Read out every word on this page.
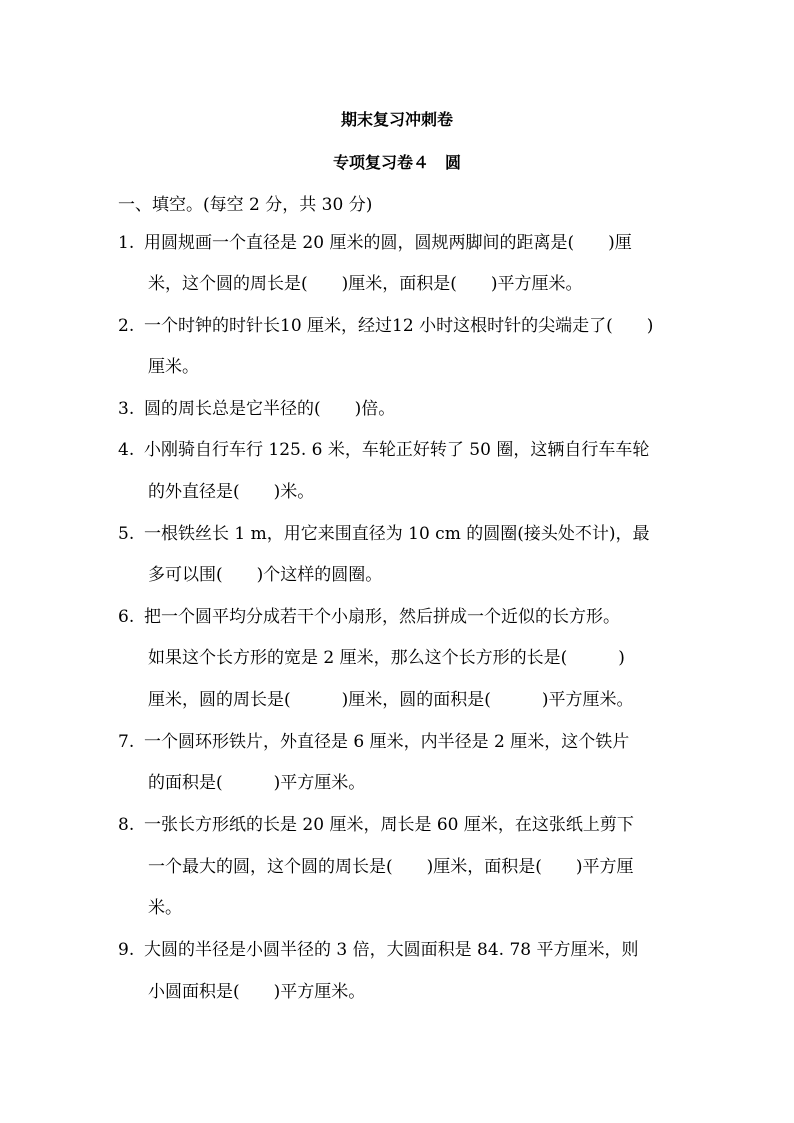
期末复习冲刺卷
专项复习卷４　圆
一、填空。(每空 2 分，共 30 分)
1. 用圆规画一个直径是 20 厘米的圆，圆规两脚间的距离是(　　)厘
米，这个圆的周长是(　　)厘米，面积是(　　)平方厘米。
2. 一个时钟的时针长10 厘米，经过12 小时这根时针的尖端走了(　　)
厘米。
3. 圆的周长总是它半径的(　　)倍。
4. 小刚骑自行车行 125. 6 米，车轮正好转了 50 圈，这辆自行车车轮
的外直径是(　　)米。
5. 一根铁丝长 1 m，用它来围直径为 10 cm 的圆圈(接头处不计)，最
多可以围(　　)个这样的圆圈。
6. 把一个圆平均分成若干个小扇形，然后拼成一个近似的长方形。
如果这个长方形的宽是 2 厘米，那么这个长方形的长是(　　　)
厘米，圆的周长是(　　　)厘米，圆的面积是(　　　)平方厘米。
7. 一个圆环形铁片，外直径是 6 厘米，内半径是 2 厘米，这个铁片
的面积是(　　　)平方厘米。
8. 一张长方形纸的长是 20 厘米，周长是 60 厘米，在这张纸上剪下
一个最大的圆，这个圆的周长是(　　)厘米，面积是(　　)平方厘
米。
9. 大圆的半径是小圆半径的 3 倍，大圆面积是 84. 78 平方厘米，则
小圆面积是(　　)平方厘米。
